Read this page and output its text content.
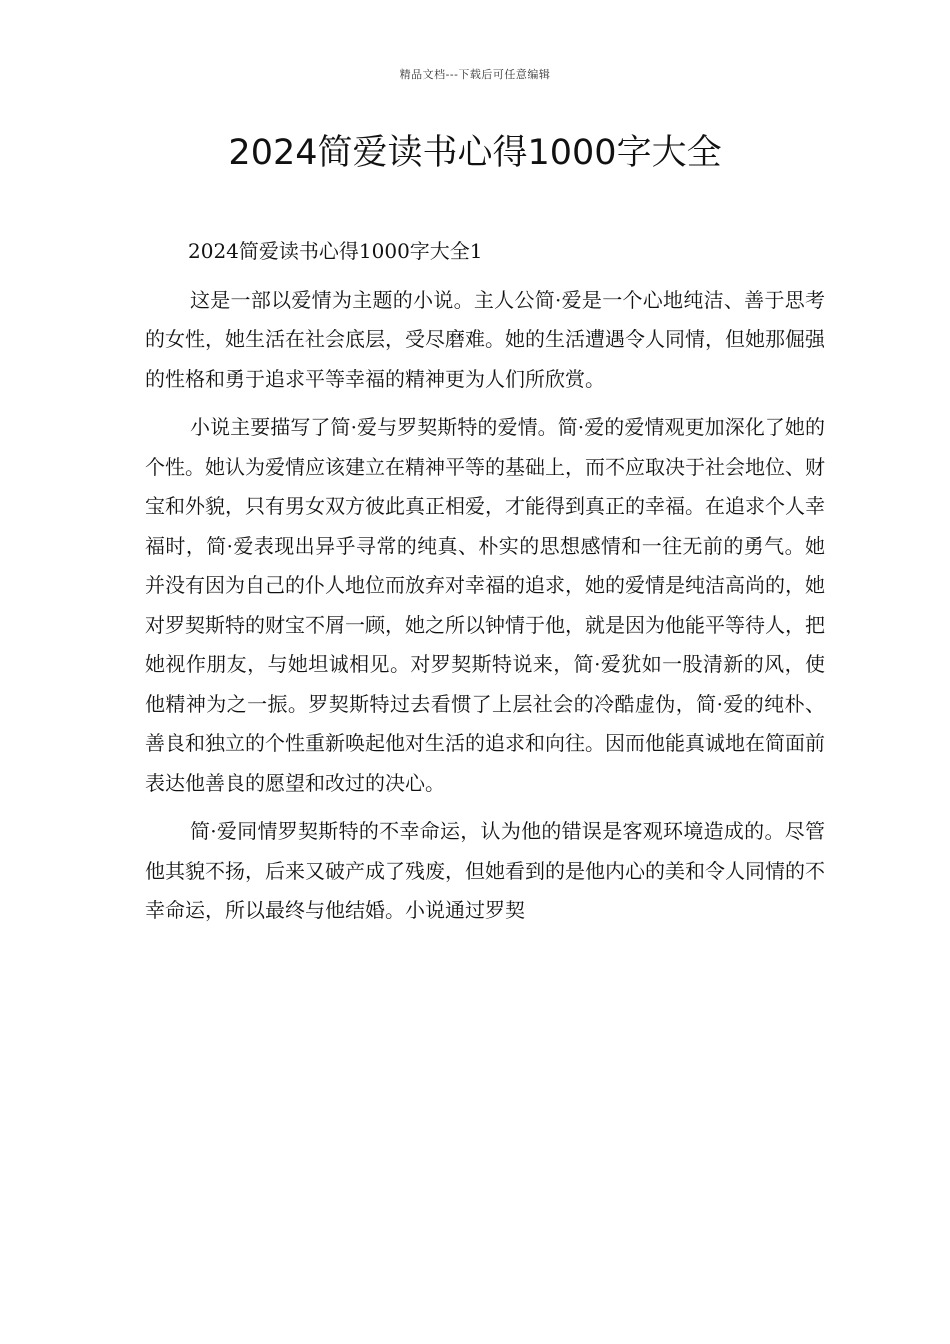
精品文档---下载后可任意编辑
2024简爱读书心得1000字大全

2024简爱读书心得1000字大全1

这是一部以爱情为主题的小说。主人公简·爱是一个心地纯洁、善于思考的女性，她生活在社会底层，受尽磨难。她的生活遭遇令人同情，但她那倔强的性格和勇于追求平等幸福的精神更为人们所欣赏。

小说主要描写了简·爱与罗契斯特的爱情。简·爱的爱情观更加深化了她的个性。她认为爱情应该建立在精神平等的基础上，而不应取决于社会地位、财宝和外貌，只有男女双方彼此真正相爱，才能得到真正的幸福。在追求个人幸福时，简·爱表现出异乎寻常的纯真、朴实的思想感情和一往无前的勇气。她并没有因为自己的仆人地位而放弃对幸福的追求，她的爱情是纯洁高尚的，她对罗契斯特的财宝不屑一顾，她之所以钟情于他，就是因为他能平等待人，把她视作朋友，与她坦诚相见。对罗契斯特说来，简·爱犹如一股清新的风，使他精神为之一振。罗契斯特过去看惯了上层社会的冷酷虚伪，简·爱的纯朴、善良和独立的个性重新唤起他对生活的追求和向往。因而他能真诚地在简面前表达他善良的愿望和改过的决心。

简·爱同情罗契斯特的不幸命运，认为他的错误是客观环境造成的。尽管他其貌不扬，后来又破产成了残废，但她看到的是他内心的美和令人同情的不幸命运，所以最终与他结婚。小说通过罗契
